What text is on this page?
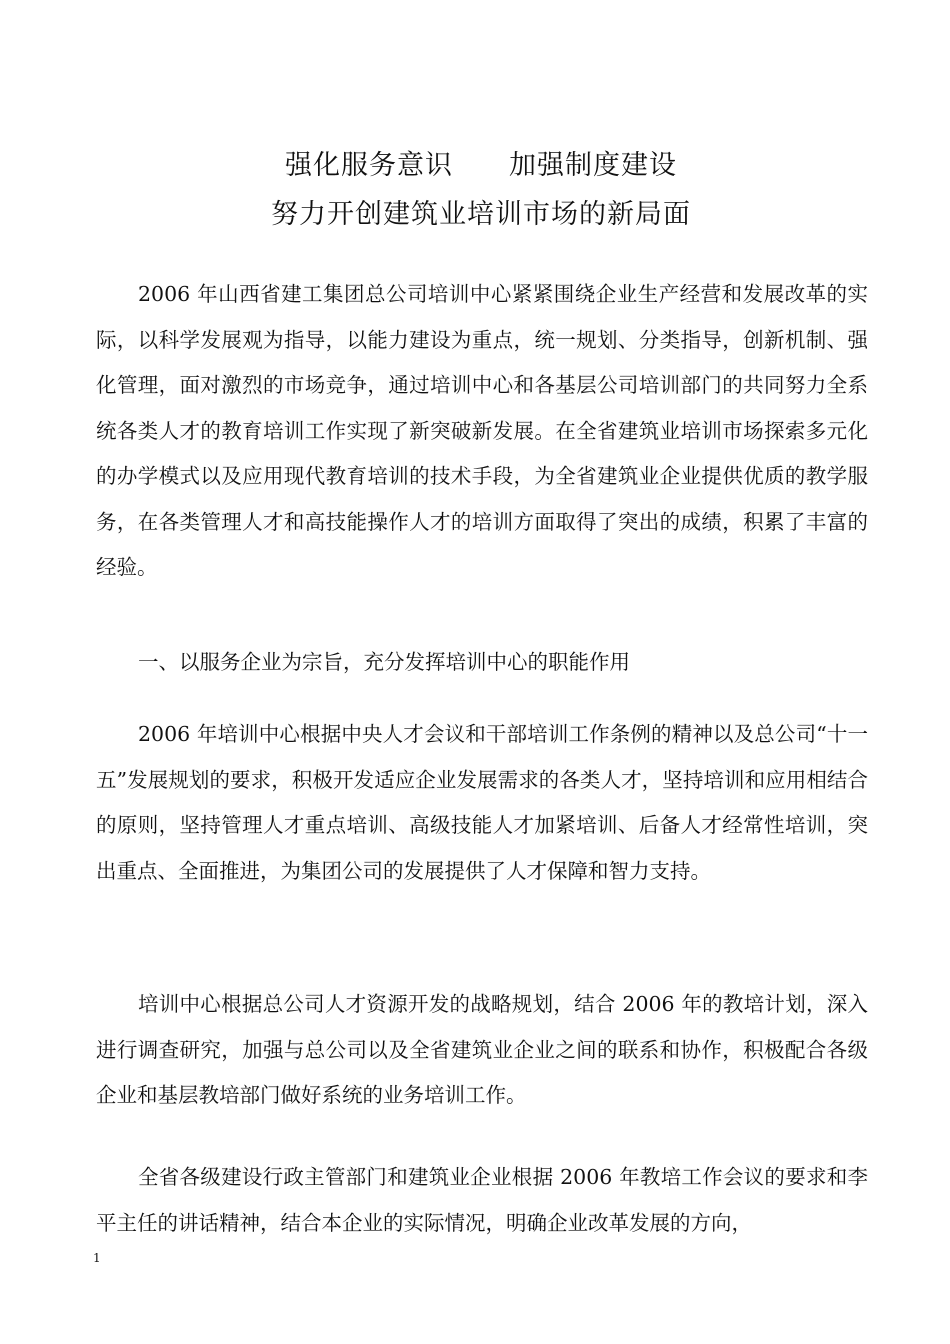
强化服务意识　　加强制度建设
努力开创建筑业培训市场的新局面

2006 年山西省建工集团总公司培训中心紧紧围绕企业生产经营和发展改革的实际，以科学发展观为指导，以能力建设为重点，统一规划、分类指导，创新机制、强化管理，面对激烈的市场竞争，通过培训中心和各基层公司培训部门的共同努力全系统各类人才的教育培训工作实现了新突破新发展。在全省建筑业培训市场探索多元化的办学模式以及应用现代教育培训的技术手段，为全省建筑业企业提供优质的教学服务，在各类管理人才和高技能操作人才的培训方面取得了突出的成绩，积累了丰富的经验。

一、以服务企业为宗旨，充分发挥培训中心的职能作用

2006 年培训中心根据中央人才会议和干部培训工作条例的精神以及总公司“十一五”发展规划的要求，积极开发适应企业发展需求的各类人才，坚持培训和应用相结合的原则，坚持管理人才重点培训、高级技能人才加紧培训、后备人才经常性培训，突出重点、全面推进，为集团公司的发展提供了人才保障和智力支持。

培训中心根据总公司人才资源开发的战略规划，结合 2006 年的教培计划，深入进行调查研究，加强与总公司以及全省建筑业企业之间的联系和协作，积极配合各级企业和基层教培部门做好系统的业务培训工作。

全省各级建设行政主管部门和建筑业企业根据 2006 年教培工作会议的要求和李平主任的讲话精神，结合本企业的实际情况，明确企业改革发展的方向，

1
